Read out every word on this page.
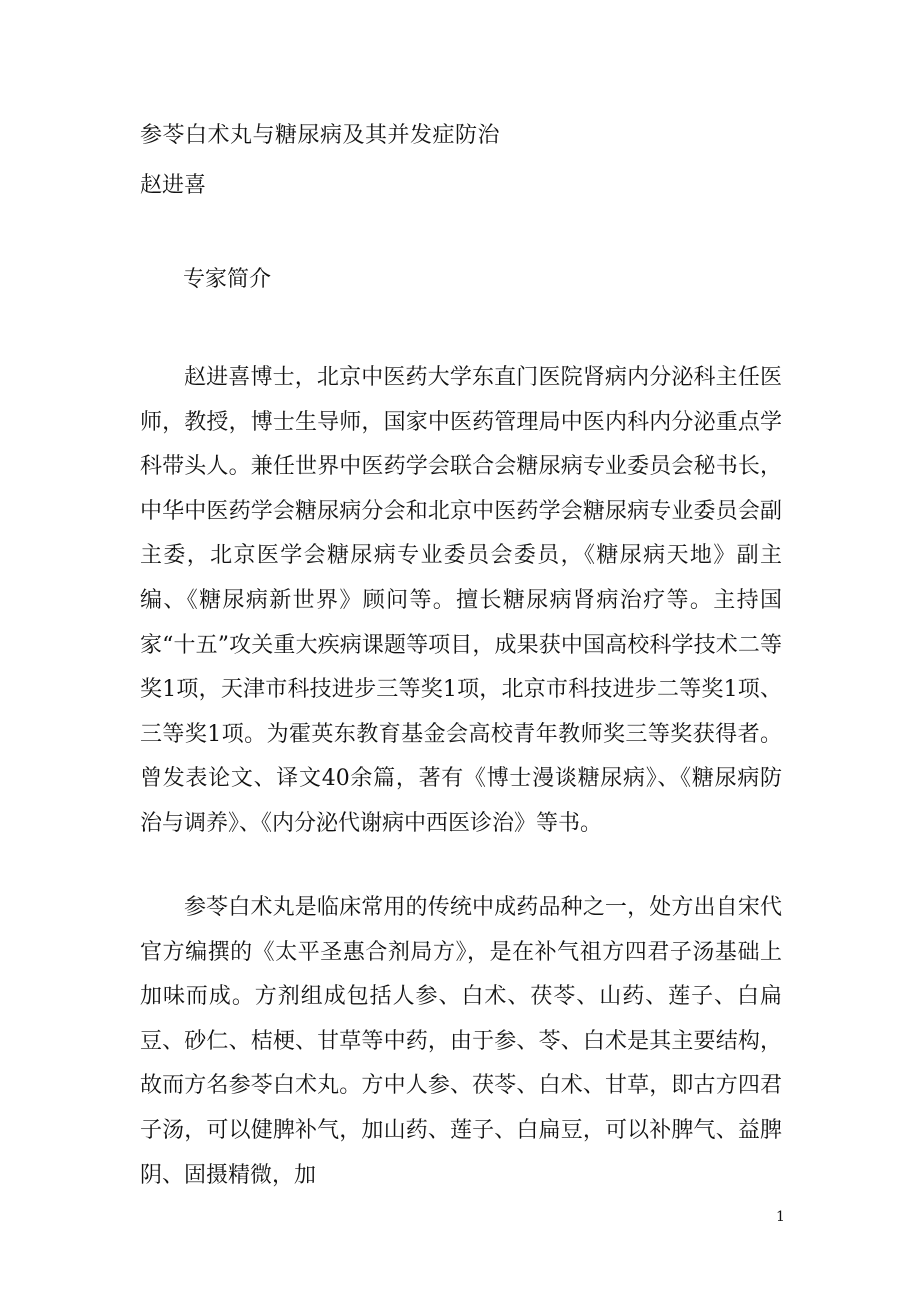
参苓白术丸与糖尿病及其并发症防治
赵进喜
专家简介
赵进喜博士，北京中医药大学东直门医院肾病内分泌科主任医师，教授，博士生导师，国家中医药管理局中医内科内分泌重点学科带头人。兼任世界中医药学会联合会糖尿病专业委员会秘书长，中华中医药学会糖尿病分会和北京中医药学会糖尿病专业委员会副主委，北京医学会糖尿病专业委员会委员，《糖尿病天地》副主编、《糖尿病新世界》顾问等。擅长糖尿病肾病治疗等。主持国家“十五”攻关重大疾病课题等项目，成果获中国高校科学技术二等奖1项，天津市科技进步三等奖1项，北京市科技进步二等奖1项、三等奖1项。为霍英东教育基金会高校青年教师奖三等奖获得者。曾发表论文、译文40余篇，著有《博士漫谈糖尿病》、《糖尿病防治与调养》、《内分泌代谢病中西医诊治》等书。
参苓白术丸是临床常用的传统中成药品种之一，处方出自宋代官方编撰的《太平圣惠合剂局方》，是在补气祖方四君子汤基础上加味而成。方剂组成包括人参、白术、茯苓、山药、莲子、白扁豆、砂仁、桔梗、甘草等中药，由于参、苓、白术是其主要结构，故而方名参苓白术丸。方中人参、茯苓、白术、甘草，即古方四君子汤，可以健脾补气，加山药、莲子、白扁豆，可以补脾气、益脾阴、固摄精微，加
1
